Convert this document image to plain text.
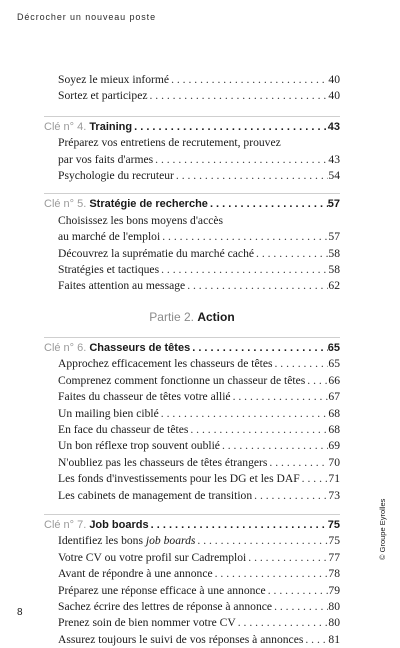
Décrocher un nouveau poste
Soyez le mieux informé . . .	40
Sortez et participez . . .	40
Clé n° 4. Training . . .	43
Préparez vos entretiens de recrutement, prouvez
par vos faits d'armes . . .	43
Psychologie du recruteur . . .	54
Clé n° 5. Stratégie de recherche . . .	57
Choisissez les bons moyens d'accès
au marché de l'emploi . . .	57
Découvrez la suprématie du marché caché . . .	58
Stratégies et tactiques . . .	58
Faites attention au message . . .	62
Partie 2. Action
Clé n° 6. Chasseurs de têtes . . .	65
Approchez efficacement les chasseurs de têtes . . .	65
Comprenez comment fonctionne un chasseur de têtes . . . 66
Faites du chasseur de têtes votre allié . . .	67
Un mailing bien ciblé . . .	68
En face du chasseur de têtes . . .	68
Un bon réflexe trop souvent oublié . . .	69
N'oubliez pas les chasseurs de têtes étrangers . . .	70
Les fonds d'investissements pour les DG et les DAF . . . 71
Les cabinets de management de transition . . .	73
Clé n° 7. Job boards . . .	75
Identifiez les bons job boards . . .	75
Votre CV ou votre profil sur Cadremploi . . .	77
Avant de répondre à une annonce . . .	78
Préparez une réponse efficace à une annonce . . .	79
Sachez écrire des lettres de réponse à annonce . . .	80
Prenez soin de bien nommer votre CV . . .	80
Assurez toujours le suivi de vos réponses à annonces . . . 81
8
© Groupe Eyrolles
